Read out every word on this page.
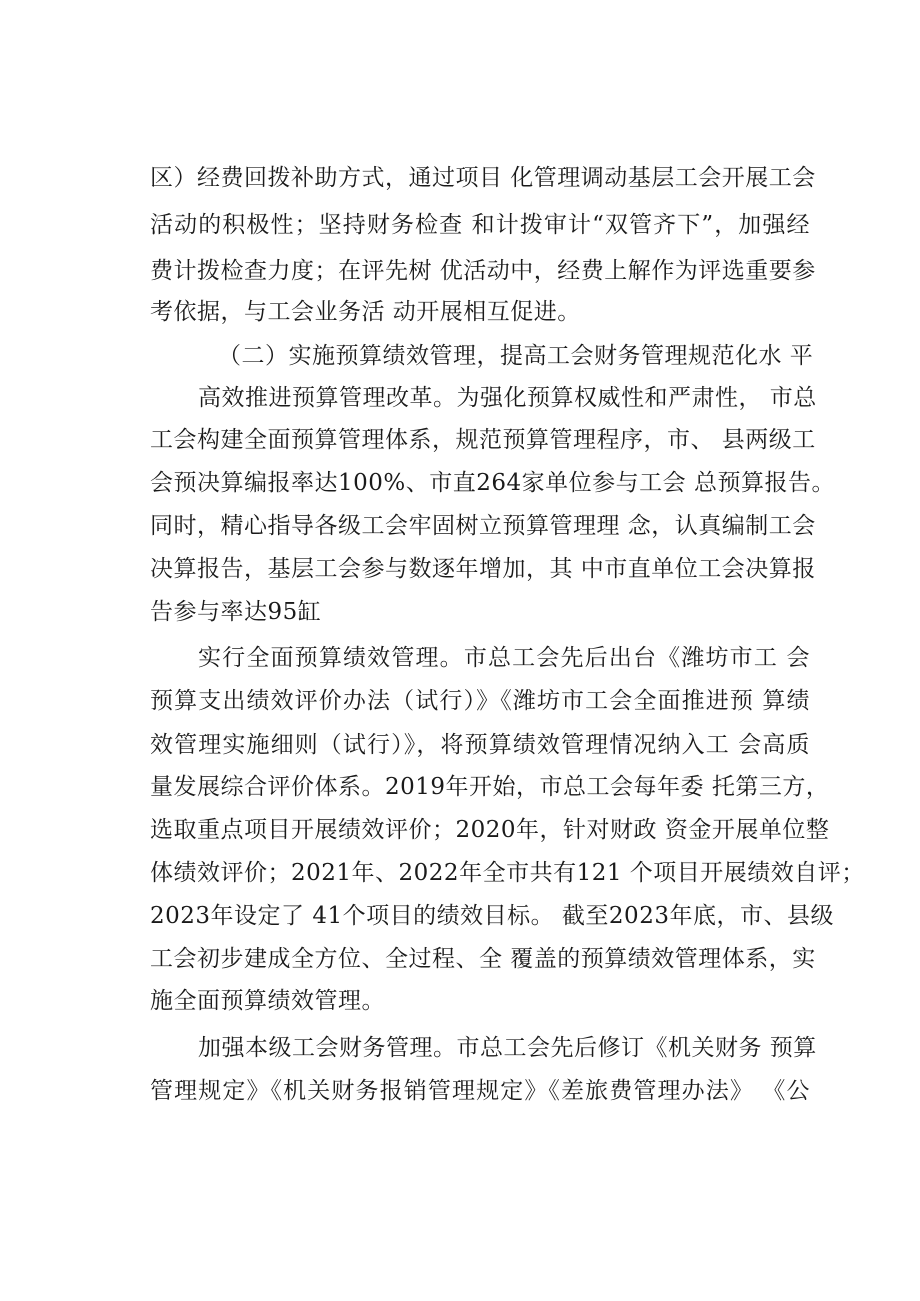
区）经费回拨补助方式，通过项目 化管理调动基层工会开展工会
活动的积极性；坚持财务检查 和计拨审计“双管齐下”，加强经
费计拨检查力度；在评先树 优活动中，经费上解作为评选重要参
考依据，与工会业务活 动开展相互促进。
（二）实施预算绩效管理，提高工会财务管理规范化水 平
高效推进预算管理改革。为强化预算权威性和严肃性， 市总
工会构建全面预算管理体系，规范预算管理程序，市、 县两级工
会预决算编报率达100%、市直264家单位参与工会 总预算报告。
同时，精心指导各级工会牢固树立预算管理理 念，认真编制工会
决算报告，基层工会参与数逐年增加，其 中市直单位工会决算报
告参与率达95缸
实行全面预算绩效管理。市总工会先后出台《潍坊市工 会
预算支出绩效评价办法（试行）》《潍坊市工会全面推进预 算绩
效管理实施细则（试行）》，将预算绩效管理情况纳入工 会高质
量发展综合评价体系。2019年开始，市总工会每年委 托第三方，
选取重点项目开展绩效评价；2020年，针对财政 资金开展单位整
体绩效评价；2021年、2022年全市共有121 个项目开展绩效自评；
2023年设定了 41个项目的绩效目标。 截至2023年底，市、县级
工会初步建成全方位、全过程、全 覆盖的预算绩效管理体系，实
施全面预算绩效管理。
加强本级工会财务管理。市总工会先后修订《机关财务 预算
管理规定》《机关财务报销管理规定》《差旅费管理办法》 《公
